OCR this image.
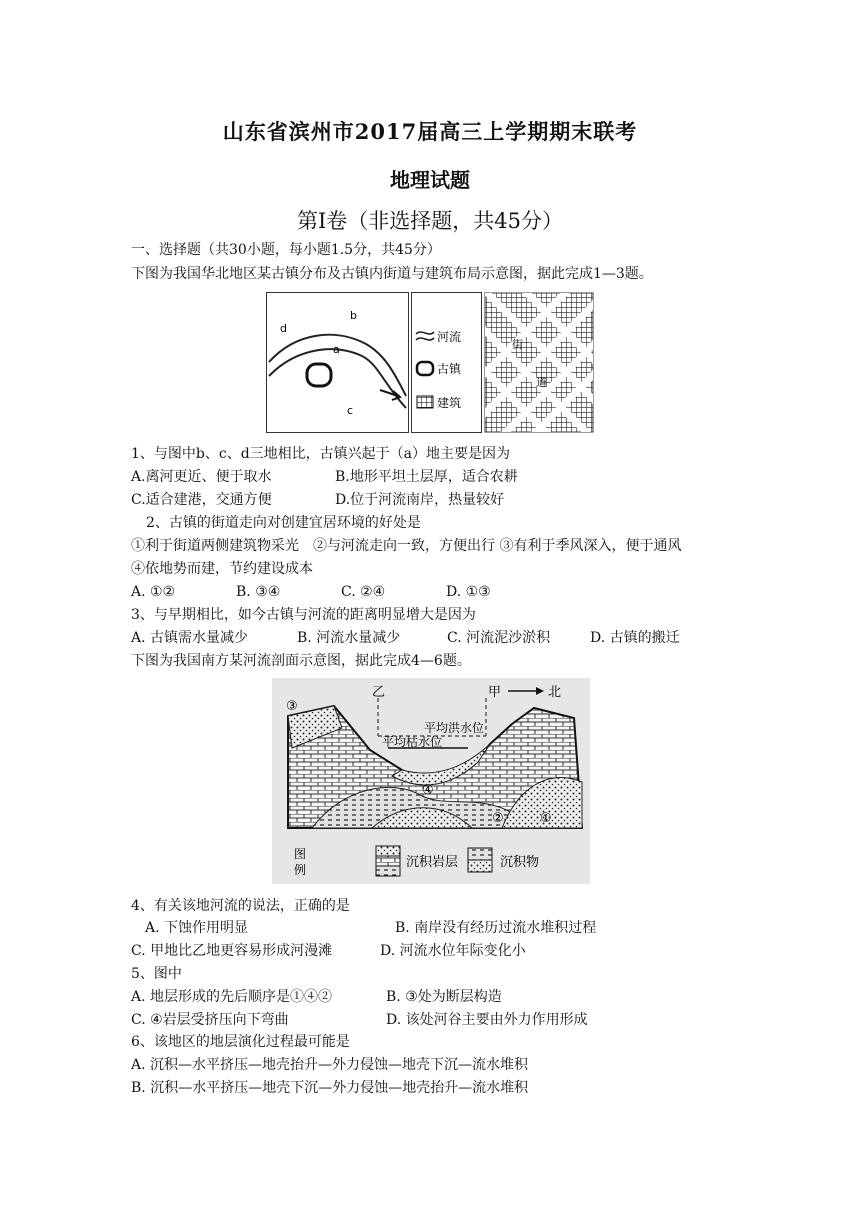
山东省滨州市2017届高三上学期期末联考
地理试题
第I卷（非选择题，共45分）
一、选择题（共30小题，每小题1.5分，共45分）
下图为我国华北地区某古镇分布及古镇内街道与建筑布局示意图，据此完成1—3题。
d
b
a
c
河流
古镇
建筑
街
道
1、与图中b、c、d三地相比，古镇兴起于（a）地主要是因为
A.离河更近、便于取水	B.地形平坦土层厚，适合农耕
C.适合建港，交通方便	D.位于河流南岸，热量较好
2、古镇的街道走向对创建宜居环境的好处是
①利于街道两侧建筑物采光　②与河流走向一致，方便出行 ③有利于季风深入，便于通风
④依地势而建，节约建设成本
A. ①②	B. ③④	C. ②④	D. ①③
3、与早期相比，如今古镇与河流的距离明显增大是因为
A. 古镇需水量减少	B. 河流水量减少	C. 河流泥沙淤积	D. 古镇的搬迁
下图为我国南方某河流剖面示意图，据此完成4—6题。
平均洪水位
平均枯水位
乙	甲	北
③
④
②	①
图
例	沉积岩层	沉积物
4、有关该地河流的说法，正确的是
A. 下蚀作用明显	B. 南岸没有经历过流水堆积过程
C. 甲地比乙地更容易形成河漫滩	D. 河流水位年际变化小
5、图中
A. 地层形成的先后顺序是①④②	B. ③处为断层构造
C. ④岩层受挤压向下弯曲	D. 该处河谷主要由外力作用形成
6、该地区的地层演化过程最可能是
A. 沉积—水平挤压—地壳抬升—外力侵蚀—地壳下沉—流水堆积
B. 沉积—水平挤压—地壳下沉—外力侵蚀—地壳抬升—流水堆积
